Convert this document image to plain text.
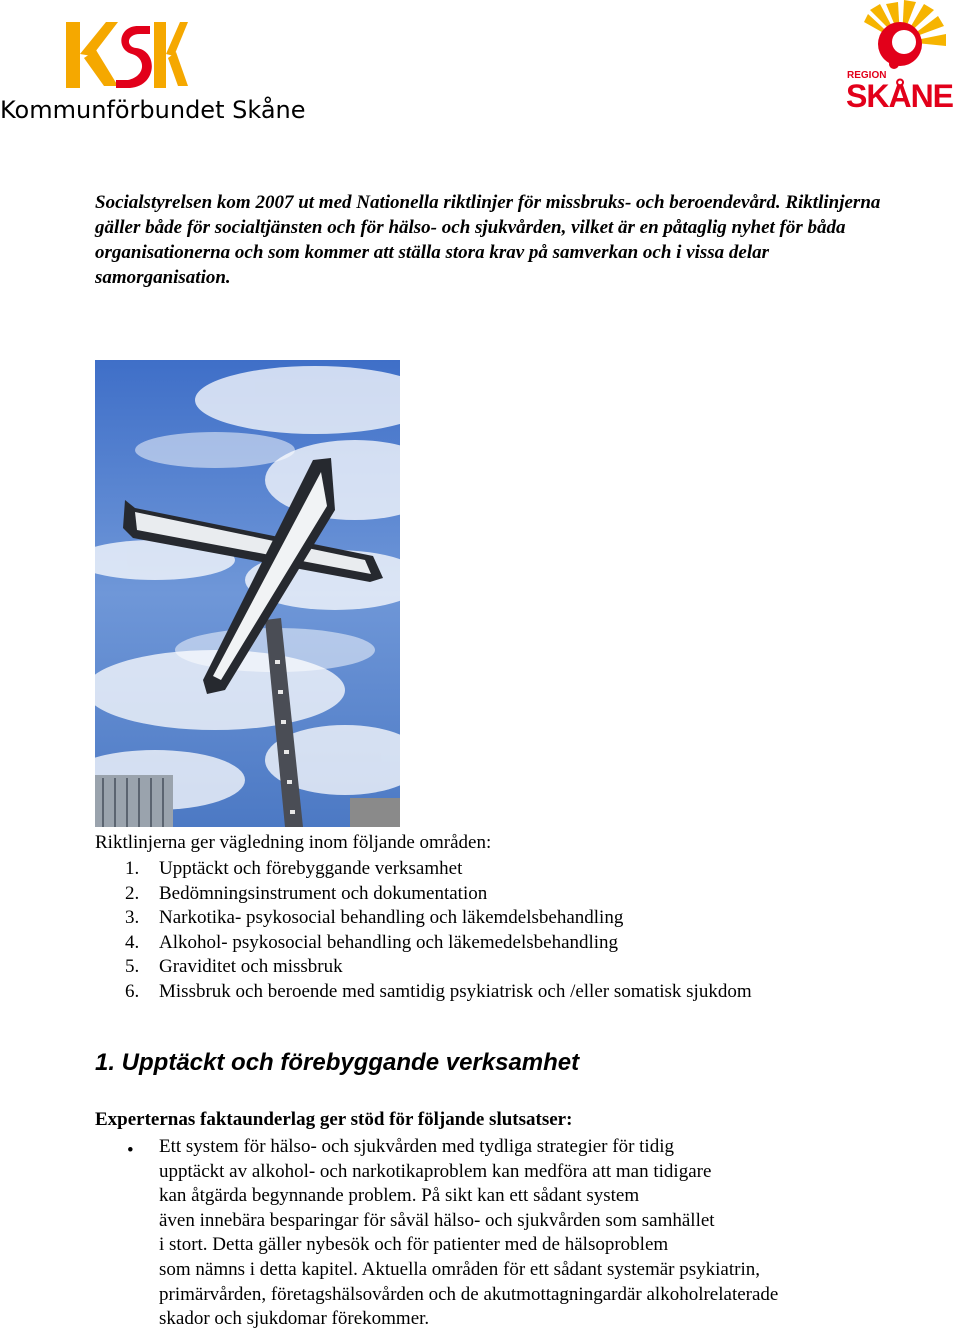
Kommunförbundet Skåne
REGION
SKÅNE

Socialstyrelsen kom 2007 ut med Nationella riktlinjer för missbruks- och beroendevård. Riktlinjerna gäller både för socialtjänsten och för hälso- och sjukvården, vilket är en påtaglig nyhet för båda organisationerna och som kommer att ställa stora krav på samverkan och i vissa delar samorganisation.

Riktlinjerna ger vägledning inom följande områden:

1. Upptäckt och förebyggande verksamhet
2. Bedömningsinstrument och dokumentation
3. Narkotika- psykosocial behandling och läkemdelsbehandling
4. Alkohol- psykosocial behandling och läkemedelsbehandling
5. Graviditet och missbruk
6. Missbruk och beroende med samtidig psykiatrisk och /eller somatisk sjukdom
1. Upptäckt och förebyggande verksamhet

Experternas faktaunderlag ger stöd för följande slutsatser:

• Ett system för hälso- och sjukvården med tydliga strategier för tidig
upptäckt av alkohol- och narkotikaproblem kan medföra att man tidigare
kan åtgärda begynnande problem. På sikt kan ett sådant system
även innebära besparingar för såväl hälso- och sjukvården som samhället
i stort. Detta gäller nybesök och för patienter med de hälsoproblem
som nämns i detta kapitel. Aktuella områden för ett sådant systemär psykiatrin,
primärvården, företagshälsovården och de akutmottagningardär alkoholrelaterade
skador och sjukdomar förekommer.
